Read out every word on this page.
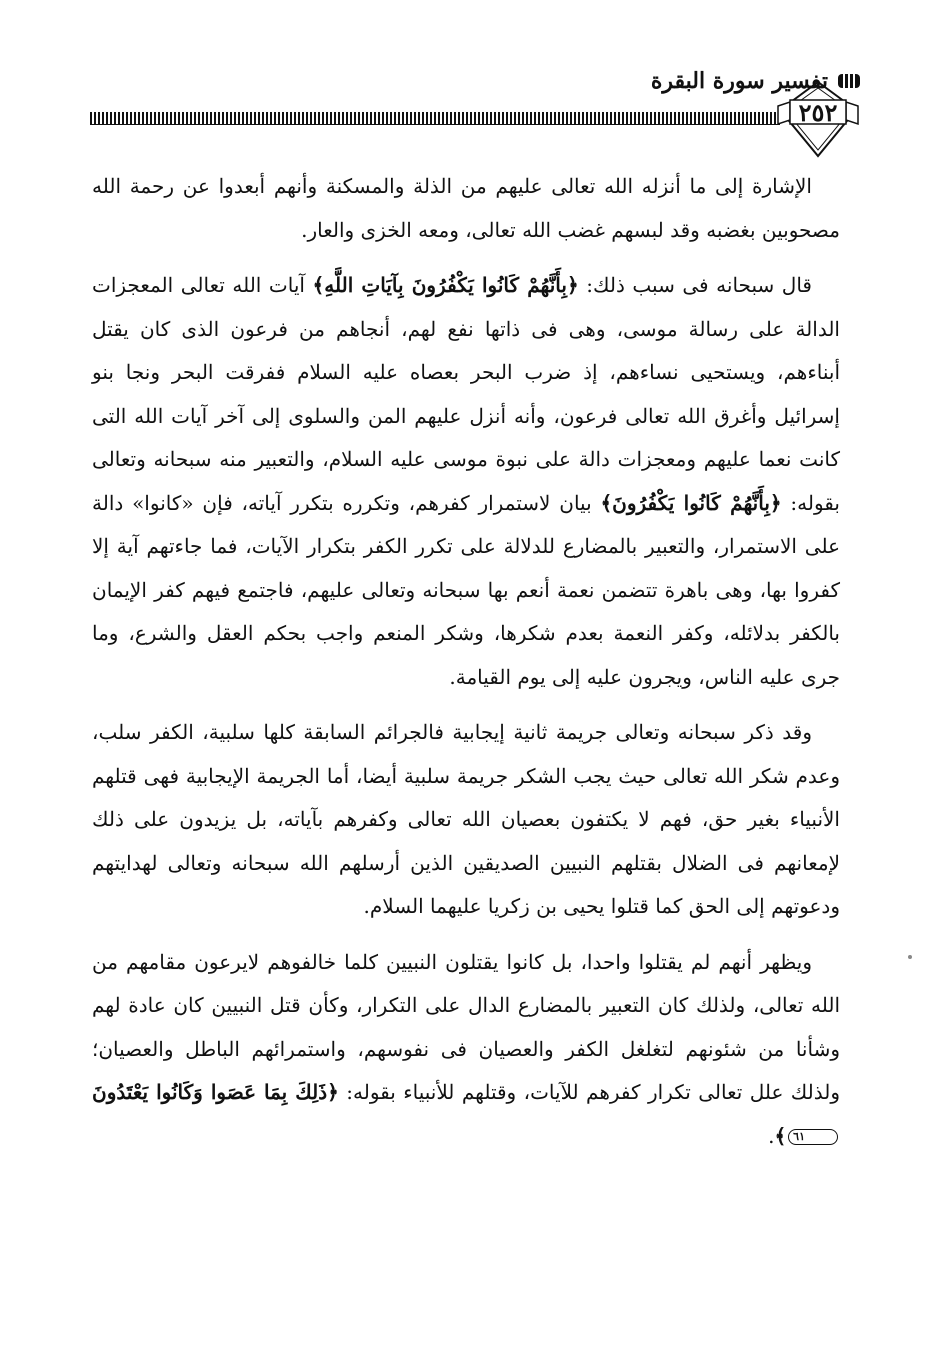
تفسير سورة البقرة
٢٥٢

الإشارة إلى ما أنزله الله تعالى عليهم من الذلة والمسكنة وأنهم أبعدوا عن رحمة الله مصحوبين بغضبه وقد لبسهم غضب الله تعالى، ومعه الخزى والعار.

قال سبحانه فى سبب ذلك: ﴿بِأَنَّهُمْ كَانُوا يَكْفُرُونَ بِآيَاتِ اللَّهِ﴾ آيات الله تعالى المعجزات الدالة على رسالة موسى، وهى فى ذاتها نفع لهم، أنجاهم من فرعون الذى كان يقتل أبناءهم، ويستحيى نساءهم، إذ ضرب البحر بعصاه عليه السلام ففرقت البحر ونجا بنو إسرائيل وأغرق الله تعالى فرعون، وأنه أنزل عليهم المن والسلوى إلى آخر آيات الله التى كانت نعما عليهم ومعجزات دالة على نبوة موسى عليه السلام، والتعبير منه سبحانه وتعالى بقوله: ﴿بِأَنَّهُمْ كَانُوا يَكْفُرُونَ﴾ بيان لاستمرار كفرهم، وتكرره بتكرر آياته، فإن «كانوا» دالة على الاستمرار، والتعبير بالمضارع للدلالة على تكرر الكفر بتكرار الآيات، فما جاءتهم آية إلا كفروا بها، وهى باهرة تتضمن نعمة أنعم بها سبحانه وتعالى عليهم، فاجتمع فيهم كفر الإيمان بالكفر بدلائله، وكفر النعمة بعدم شكرها، وشكر المنعم واجب بحكم العقل والشرع، وما جرى عليه الناس، ويجرون عليه إلى يوم القيامة.

وقد ذكر سبحانه وتعالى جريمة ثانية إيجابية فالجرائم السابقة كلها سلبية، الكفر سلب، وعدم شكر الله تعالى حيث يجب الشكر جريمة سلبية أيضا، أما الجريمة الإيجابية فهى قتلهم الأنبياء بغير حق، فهم لا يكتفون بعصيان الله تعالى وكفرهم بآياته، بل يزيدون على ذلك لإمعانهم فى الضلال بقتلهم النبيين الصديقين الذين أرسلهم الله سبحانه وتعالى لهدايتهم ودعوتهم إلى الحق كما قتلوا يحيى بن زكريا عليهما السلام.

ويظهر أنهم لم يقتلوا واحدا، بل كانوا يقتلون النبيين كلما خالفوهم لايرعون مقامهم من الله تعالى، ولذلك كان التعبير بالمضارع الدال على التكرار، وكأن قتل النبيين كان عادة لهم وشأنا من شئونهم لتغلغل الكفر والعصيان فى نفوسهم، واستمرائهم الباطل والعصيان؛ ولذلك علل تعالى تكرار كفرهم للآيات، وقتلهم للأنبياء بقوله: ﴿ذَلِكَ بِمَا عَصَوا وَكَانُوا يَعْتَدُونَ٦١﴾.
